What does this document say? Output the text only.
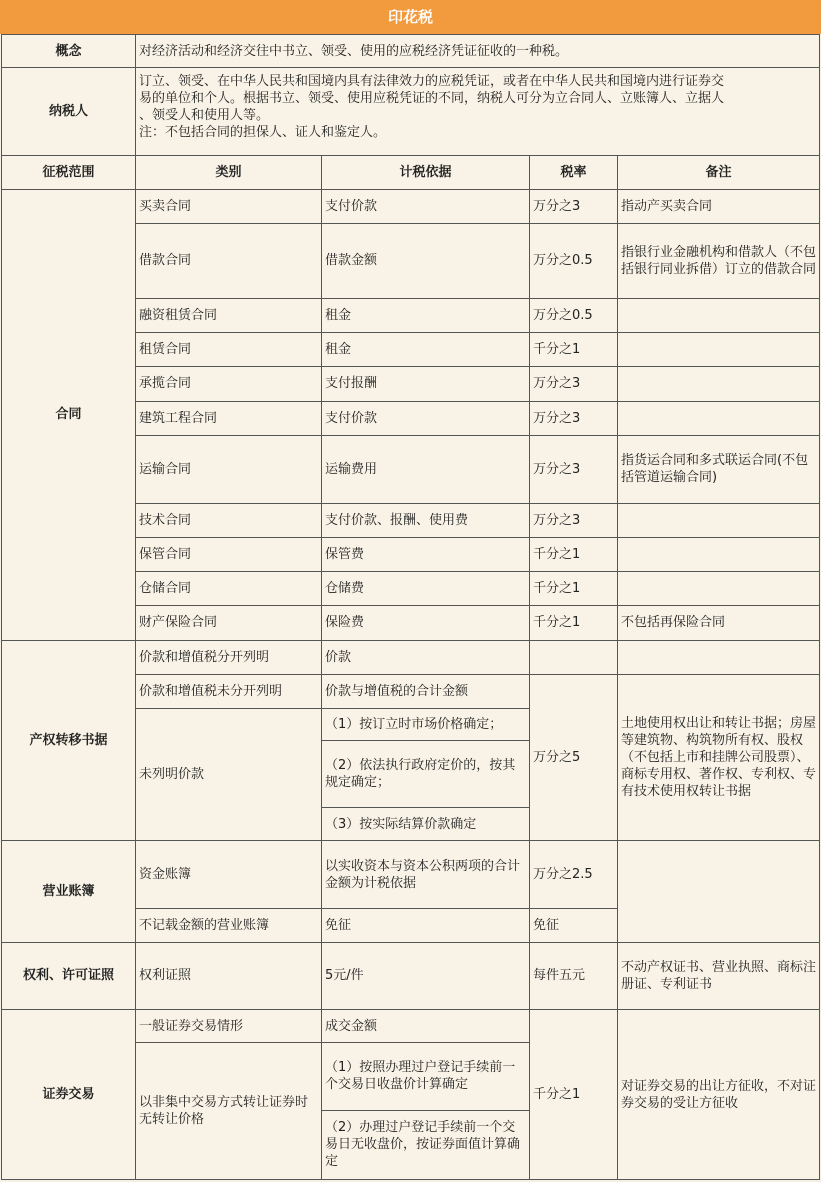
印花税
概念	对经济活动和经济交往中书立、领受、使用的应税经济凭证征收的一种税。			
纳税人	订立、领受、在中华人民共和国境内具有法律效力的应税凭证，或者在中华人民共和国境内进行证券交
易的单位和个人。根据书立、领受、使用应税凭证的不同，纳税人可分为立合同人、立账簿人、立据人
、领受人和使用人等。
注：不包括合同的担保人、证人和鉴定人。			

征税范围	类别	计税依据	税率	备注
合同	买卖合同	支付价款	万分之3	指动产买卖合同
	借款合同	借款金额	万分之0.5	指银行业金融机构和借款人（不包括银行同业拆借）订立的借款合同
	融资租赁合同	租金	万分之0.5	
	租赁合同	租金	千分之1	
	承揽合同	支付报酬	万分之3	
	建筑工程合同	支付价款	万分之3	
	运输合同	运输费用	万分之3	指货运合同和多式联运合同(不包括管道运输合同)
	技术合同	支付价款、报酬、使用费	万分之3	
	保管合同	保管费	千分之1	
	仓储合同	仓储费	千分之1	
	财产保险合同	保险费	千分之1	不包括再保险合同
产权转移书据	价款和增值税分开列明	价款		
	价款和增值税未分开列明	价款与增值税的合计金额	万分之5	土地使用权出让和转让书据；房屋等建筑物、构筑物所有权、股权（不包括上市和挂牌公司股票）、商标专用权、著作权、专利权、专有技术使用权转让书据
	未列明价款	（1）按订立时市场价格确定；		
		（2）依法执行政府定价的，按其规定确定；		
		（3）按实际结算价款确定		
营业账簿	资金账簿	以实收资本与资本公积两项的合计金额为计税依据	万分之2.5	
	不记载金额的营业账簿	免征	免征	
权利、许可证照	权利证照	5元/件	每件五元	不动产权证书、营业执照、商标注册证、专利证书
证券交易	一般证券交易情形	成交金额	千分之1	对证券交易的出让方征收，不对证券交易的受让方征收
	以非集中交易方式转让证券时无转让价格	（1）按照办理过户登记手续前一个交易日收盘价计算确定		
		（2）办理过户登记手续前一个交易日无收盘价，按证券面值计算确定		
